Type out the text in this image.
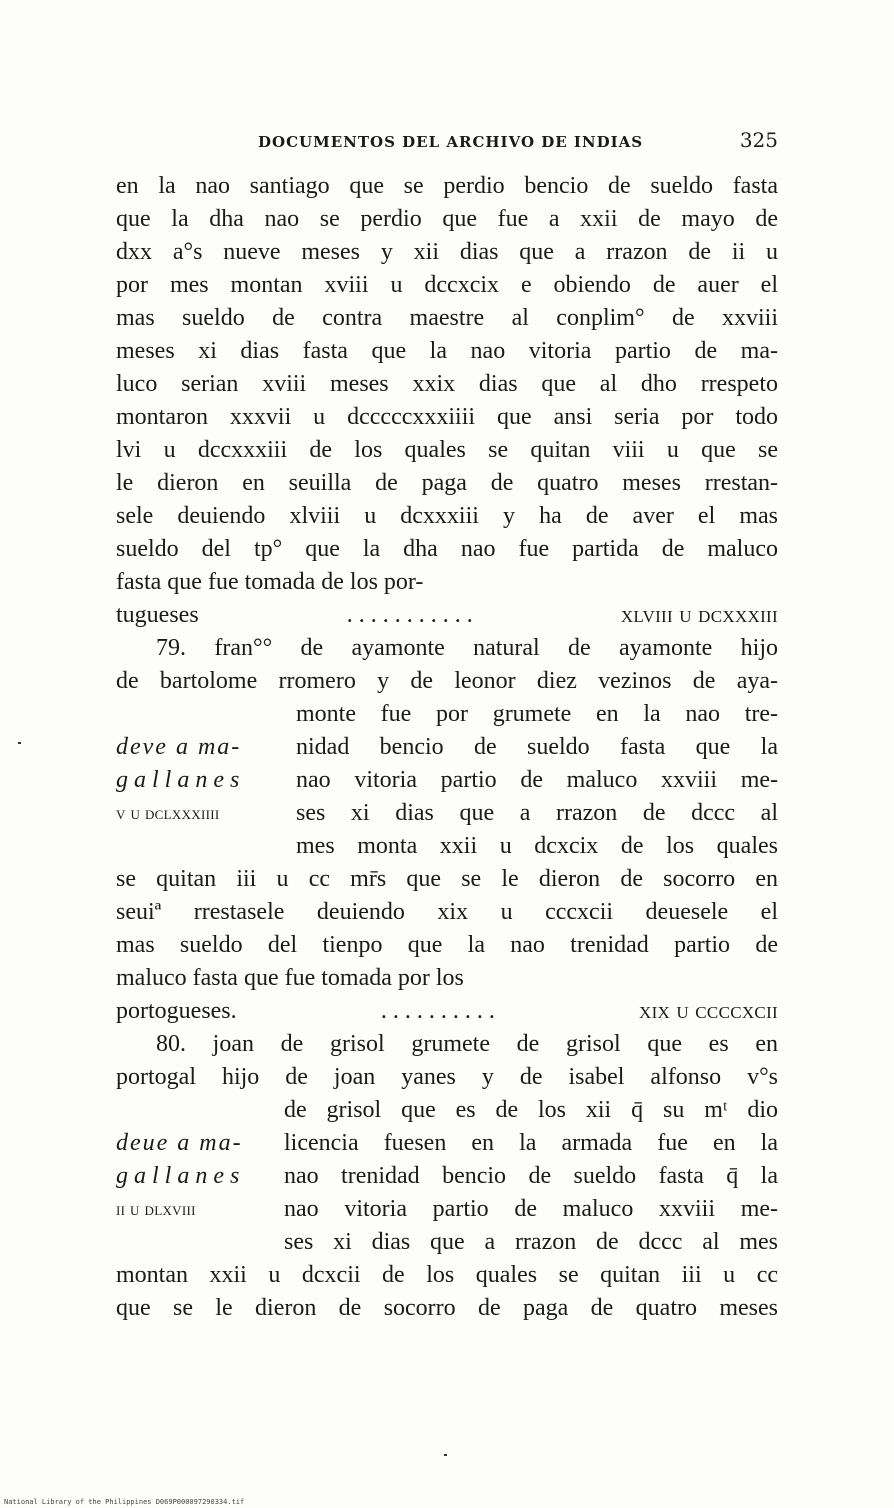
DOCUMENTOS DEL ARCHIVO DE INDIAS	325
en la nao santiago que se perdio bencio de sueldo fasta
que la dha nao se perdio que fue a xxii de mayo de
dxx a°s nueve meses y xii dias que a rrazon de ii u
por mes montan xviii u dccxcix e obiendo de auer el
mas sueldo de contra maestre al conplim° de xxviii
meses xi dias fasta que la nao vitoria partio de ma-
luco serian xviii meses xxix dias que al dho rrespeto
montaron xxxvii u dcccccxxxiiii que ansi seria por todo
lvi u dccxxxiii de los quales se quitan viii u que se
le dieron en seuilla de paga de quatro meses rrestan-
sele deuiendo xlviii u dcxxxiii y ha de aver el mas
sueldo del tp° que la dha nao fue partida de maluco
fasta que fue tomada de los por-
tugueses	. . . . . . . . . . .	xlviii u dcxxxiii
79. fran°° de ayamonte natural de ayamonte hijo
de bartolome rromero y de leonor diez vezinos de aya-
monte fue por grumete en la nao tre-
nidad bencio de sueldo fasta que la
nao vitoria partio de maluco xxviii me-
ses xi dias que a rrazon de dccc al
mes monta xxii u dcxcix de los quales
deve a ma-
gallanes
v u dclxxxiiii
se quitan iii u cc mr̄s que se le dieron de socorro en
seuiª rrestasele deuiendo xix u cccxcii deuesele el
mas sueldo del tienpo que la nao trenidad partio de
maluco fasta que fue tomada por los
portogueses.	. . . . . . . . . .	xix u ccccxcii
80. joan de grisol grumete de grisol que es en
portogal hijo de joan yanes y de isabel alfonso v°s
de grisol que es de los xii q̄ su mᵗ dio
licencia fuesen en la armada fue en la
nao trenidad bencio de sueldo fasta q̄ la
nao vitoria partio de maluco xxviii me-
ses xi dias que a rrazon de dccc al mes
deue a ma-
gallanes
ii u dlxviii
montan xxii u dcxcii de los quales se quitan iii u cc
que se le dieron de socorro de paga de quatro meses
National Library of the Philippines D069P000097290334.tif
